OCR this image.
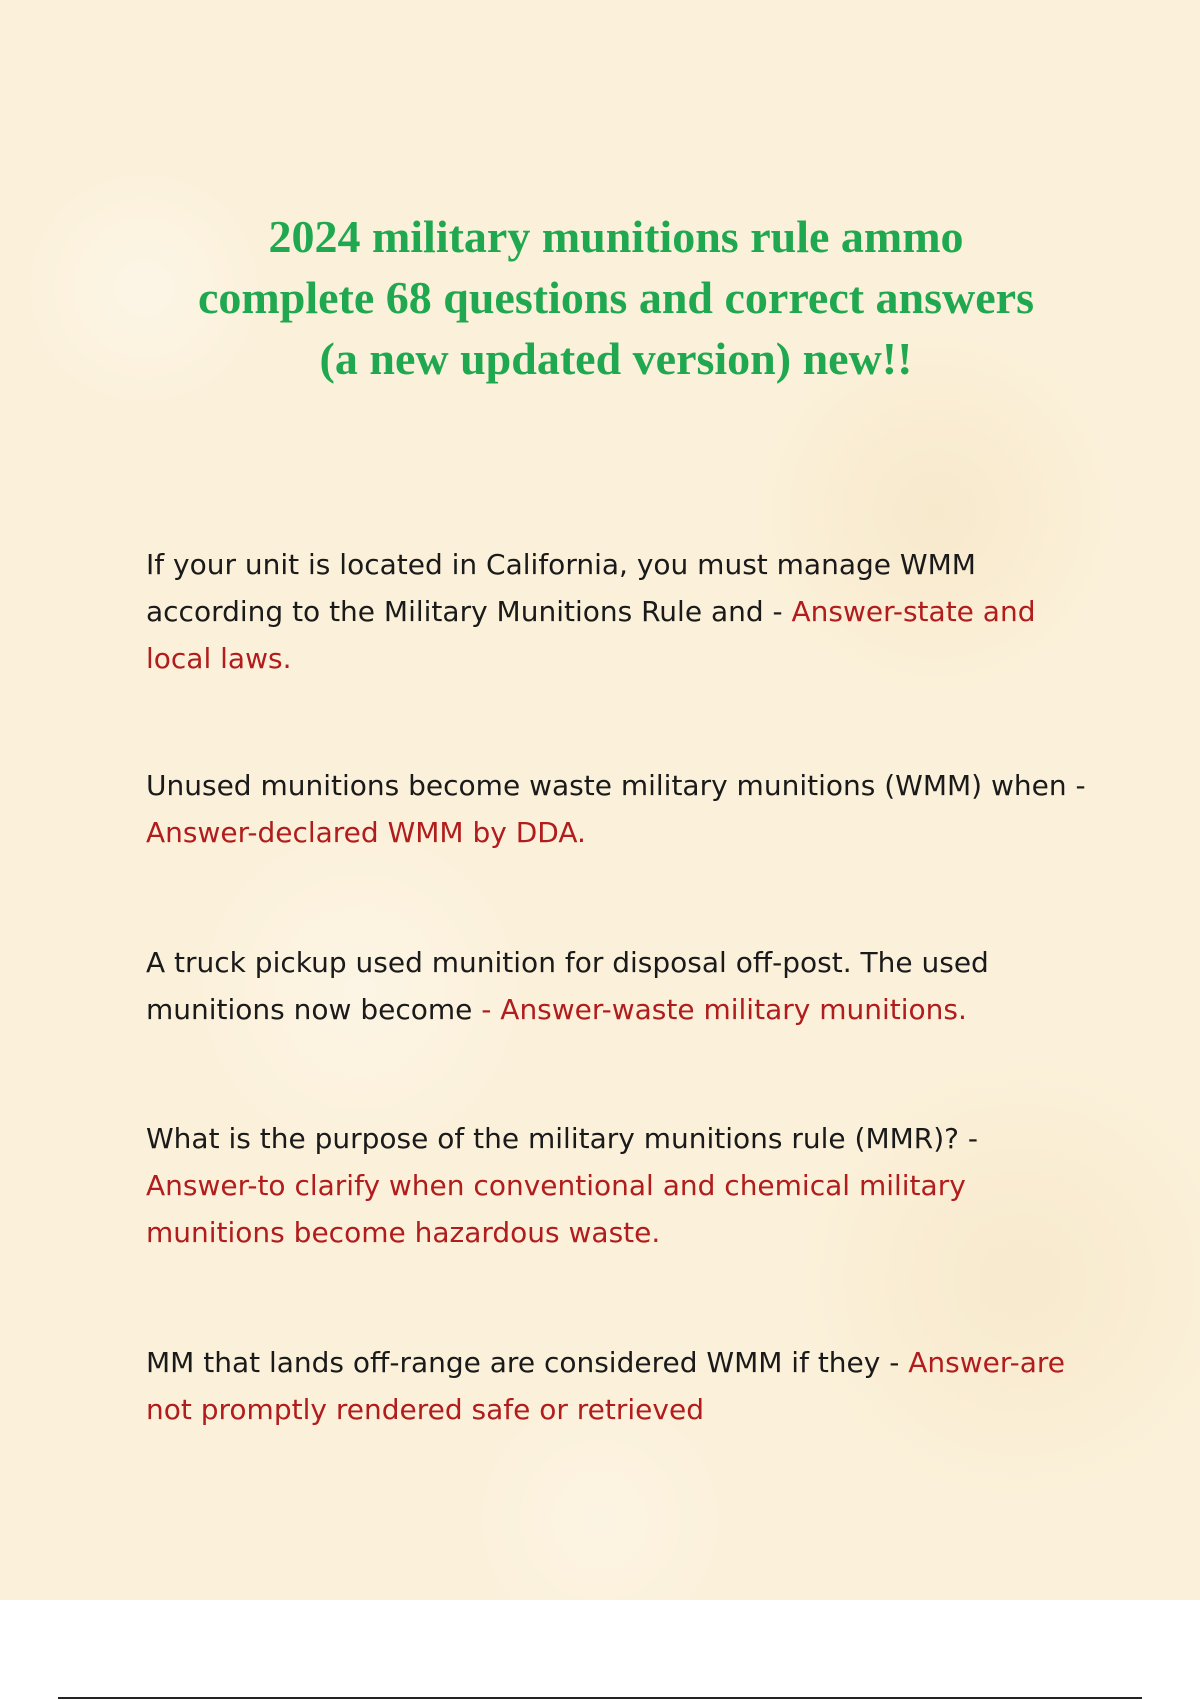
2024 military munitions rule ammo
complete 68 questions and correct answers
(a new updated version) new!!

If your unit is located in California, you must manage WMM according to the Military Munitions Rule and - Answer-state and local laws.

Unused munitions become waste military munitions (WMM) when - Answer-declared WMM by DDA.

A truck pickup used munition for disposal off-post. The used munitions now become - Answer-waste military munitions.

What is the purpose of the military munitions rule (MMR)? - Answer-to clarify when conventional and chemical military munitions become hazardous waste.

MM that lands off-range are considered WMM if they - Answer-are not promptly rendered safe or retrieved
